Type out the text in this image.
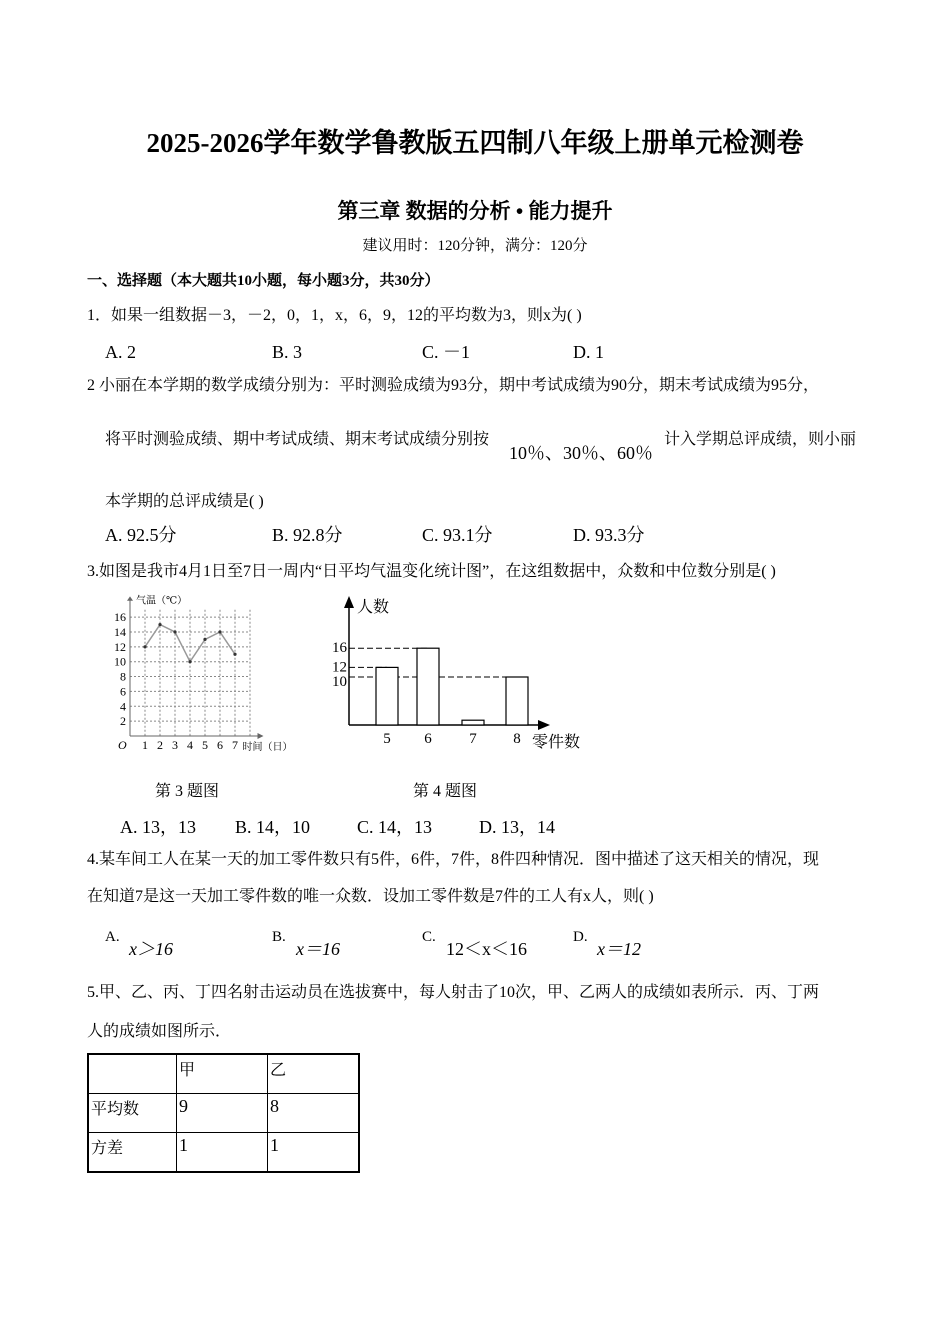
2025-2026学年数学鲁教版五四制八年级上册单元检测卷
第三章 数据的分析 • 能力提升
建议用时：120分钟，满分：120分
一、选择题（本大题共10小题，每小题3分，共30分）
1．如果一组数据－3，－2，0，1，x，6，9，12的平均数为3，则x为( )
A. 2	B. 3	C. －1	D. 1
2 小丽在本学期的数学成绩分别为：平时测验成绩为93分，期中考试成绩为90分，期末考试成绩为95分，
将平时测验成绩、期中考试成绩、期末考试成绩分别按
10％、30％、60％
计入学期总评成绩，则小丽
本学期的总评成绩是( )
A. 92.5分	B. 92.8分	C. 93.1分	D. 93.3分
3.如图是我市4月1日至7日一周内“日平均气温变化统计图”，在这组数据中，众数和中位数分别是( )
第 3 题图	第 4 题图
A. 13，13 B. 14，10	C. 14，13	D. 13，14
4.某车间工人在某一天的加工零件数只有5件，6件，7件，8件四种情况．图中描述了这天相关的情况，现
在知道7是这一天加工零件数的唯一众数．设加工零件数是7件的工人有x人，则( )
A.
x＞16
B.
x＝16
C.
12＜x＜16
D.
x＝12
5.甲、乙、丙、丁四名射击运动员在选拔赛中，每人射击了10次，甲、乙两人的成绩如表所示．丙、丁两
人的成绩如图所示．
	甲	乙
平均数	9	8
方差	1	1
2
4
6
8
10
12
14
16
1 2 3 4 5 6 7
O	时间（日）
气温（℃）
16
12
10
5 6	7 8 零件数
人数
